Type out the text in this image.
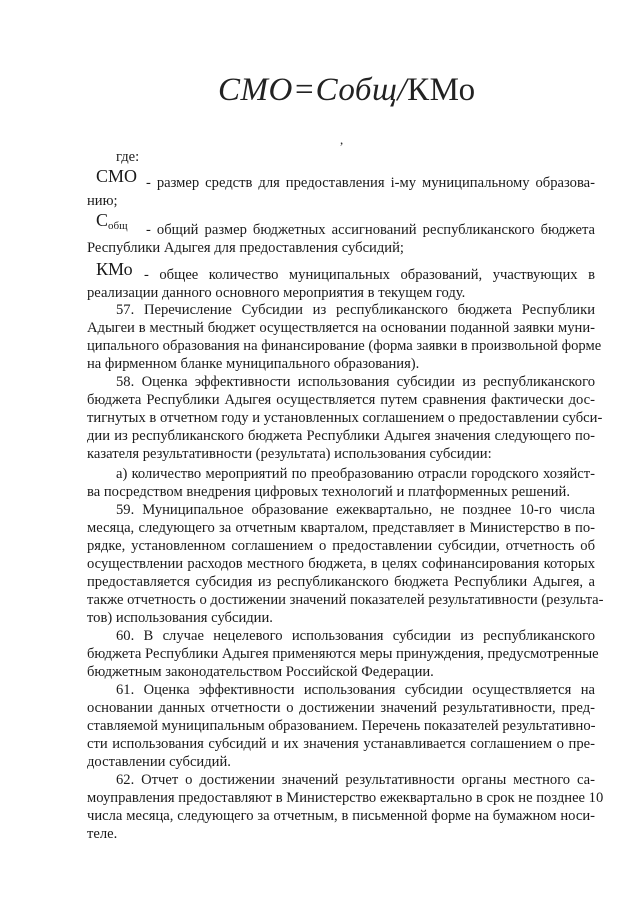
СМО=Собщ/КМо
,
где:
СМО - размер средств для предоставления i-му муниципальному образова-
нию;
$С_{общ}$ - общий размер бюджетных ассигнований республиканского бюджета
Республики Адыгея для предоставления субсидий;
КМо - общее количество муниципальных образований, участвующих в
реализации данного основного мероприятия в текущем году.
57. Перечисление Субсидии из республиканского бюджета Республики
Адыгеи в местный бюджет осуществляется на основании поданной заявки муни-
ципального образования на финансирование (форма заявки в произвольной форме
на фирменном бланке муниципального образования).
58. Оценка эффективности использования субсидии из республиканского
бюджета Республики Адыгея осуществляется путем сравнения фактически дос-
тигнутых в отчетном году и установленных соглашением о предоставлении субси-
дии из республиканского бюджета Республики Адыгея значения следующего по-
казателя результативности (результата) использования субсидии:
а) количество мероприятий по преобразованию отрасли городского хозяйст-
ва посредством внедрения цифровых технологий и платформенных решений.
59. Муниципальное образование ежеквартально, не позднее 10-го числа
месяца, следующего за отчетным кварталом, представляет в Министерство в по-
рядке, установленном соглашением о предоставлении субсидии, отчетность об
осуществлении расходов местного бюджета, в целях софинансирования которых
предоставляется субсидия из республиканского бюджета Республики Адыгея, а
также отчетность о достижении значений показателей результативности (результа-
тов) использования субсидии.
60. В случае нецелевого использования субсидии из республиканского
бюджета Республики Адыгея применяются меры принуждения, предусмотренные
бюджетным законодательством Российской Федерации.
61. Оценка эффективности использования субсидии осуществляется на
основании данных отчетности о достижении значений результативности, пред-
ставляемой муниципальным образованием. Перечень показателей результативно-
сти использования субсидий и их значения устанавливается соглашением о пре-
доставлении субсидий.
62. Отчет о достижении значений результативности органы местного са-
моуправления предоставляют в Министерство ежеквартально в срок не позднее 10
числа месяца, следующего за отчетным, в письменной форме на бумажном носи-
теле.
